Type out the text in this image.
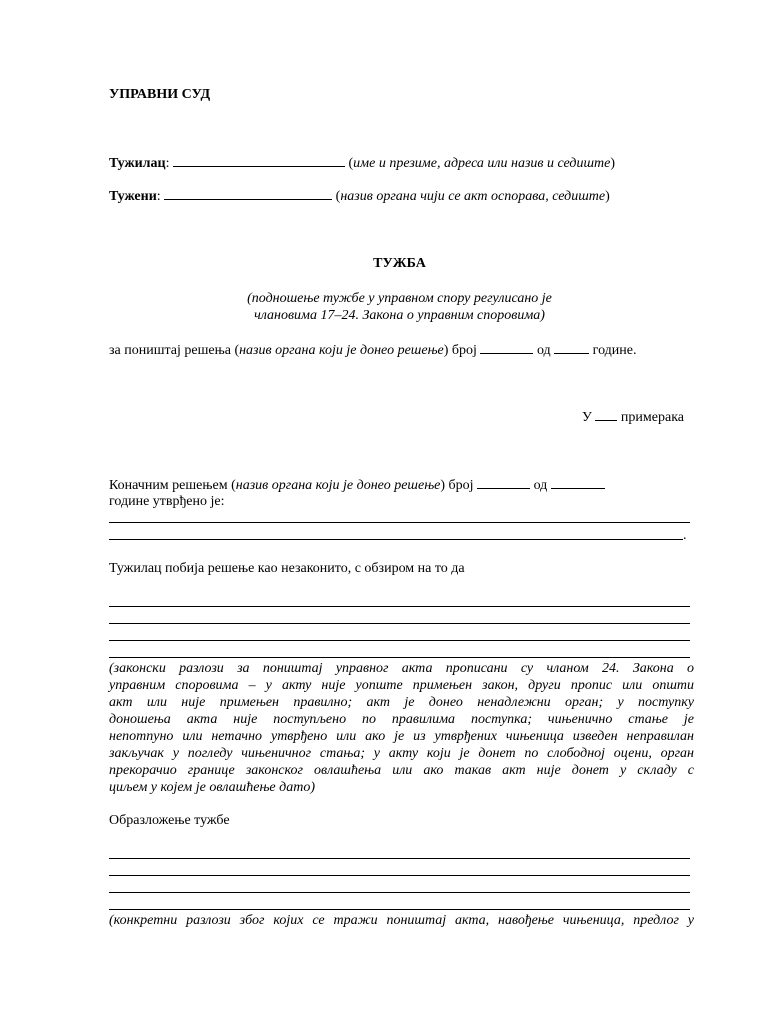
УПРАВНИ СУД
Тужилац:	(име и презиме, адреса или назив и седиште)
Тужени:	(назив органа чији се акт оспорава, седиште)
ТУЖБА
(подношење тужбе у управном спору регулисано је
члановима 17–24. Закона о управним споровима)
за поништај решења (назив органа који је донео решење) број	од	године.
У примерака
Коначним решењем (назив органа који је донео решење) број	од
године утврђено је:
.
Тужилац побија решење као незаконито, с обзиром на то да
(законски разлози за поништај управног акта прописани су чланом 24. Закона о
управним споровима – у акту није уопште примењен закон, други пропис или општи
акт или није примењен правилно; акт је донео ненадлежни орган; у поступку
доношења акта није поступљено по правилима поступка; чињенично стање је
непотпуно или нетачно утврђено или ако је из утврђених чињеница изведен неправилан
закључак у погледу чињеничног стања; у акту који је донет по слободној оцени, орган
прекорачио границе законског овлашћења или ако такав акт није донет у складу с
циљем у којем је овлашћење дато)
Образложење тужбе
(конкретни разлози због којих се тражи поништај акта, навођење чињеница, предлог у
